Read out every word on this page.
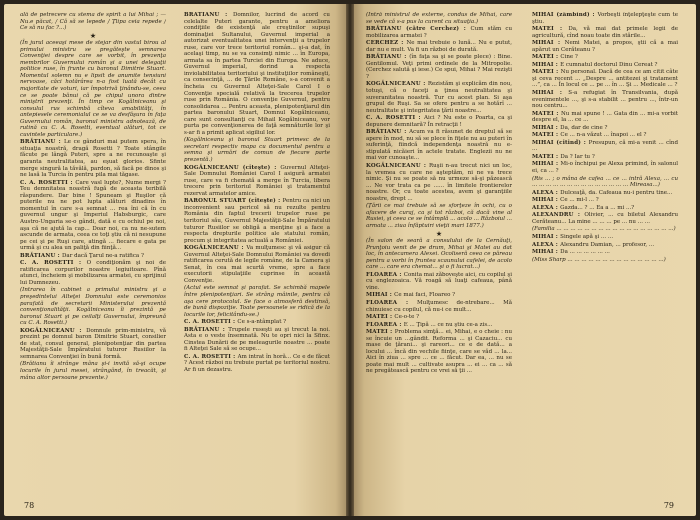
ală de petrecere cu stema de spirit a lui Mihai ; — Nu.e păcat, / Că să se lepede / Ţlipa ceia repede / Ce să nu fac ?...)

★

(În jurul aceeaşi mese de stejar din vastul birou al primului ministru se pregăteşte semnarea Convenţiei despre care se vorbit, în prezenţa membrilor Guvernului român şi a unei delegaţii politice ruse, în frunte cu baronul Dimitrie Stuart. Momentul solemn nu e lipsit de anumite tensiuni nervoase, căci hotărârea n-a fost luată decât cu majoritate de voturi, iar împotrivă ţinându-se, ceea ce se poate bănui că pe chipul unora dintre miniştrii prezenţi. În timp ce Kogălniceanu şi consulul rus schimbă cîteva amabilităţi, în antepiesele ceremonialul ce se va desfăşura în faţa Guvernului român, baronul ministru adnotează, de rutină cu C. A. Rosetti, eventual alături, tot ce cuvintele particulare.)

BRĂTIANU : Le ce gânduri mai putem spera, în situaţia noastră, dragă Rosetti ? Toate stângile făcute pe lângă Puteri, spre a ne recunoaşte şi garanta neutralitatea, au eşuat glorios. Sfinte merge singură la tăvălă, pardon, să facă pe dinos şi ne lasă la Turcia în pentru pila mai tăgase.

C. A. ROSETTI : Care vasl lupte?, Nume mergi ? Teu demnitatea noastră fugă de aceasta teribilă răspundere. Dar bine ! Spuneam şi Ruşilor că puterile nu ne pot lupta alături dinadins în momentul în care s-a semnat ... rea îni că în cu guvernul ungur şi Imperiul Habsburgic, care Austro-Ungaria se-o gândi, dată e cu ochiul pe noi, aşa că ne ajută la cap... Doar noi, ca nu ne-sutem ascunde de armata, ceea ce toţi ştiu că ni nesupune pe cei şi pe Ruşi care, atingă ... fiecare e gata pe urmă şi cu alea un paliţă din fiinţă...

BRĂTIANU : Dar dacă Ţarul ne-a ratifica ?

C. A. ROSETTI : O condiţionăm şi noi de ratificarea corpurilor noastre legiuitoare. Pînă atunci, încheiem şi mobilizarea armatei, cu sprijinul lui Dumnezeu.

(Intrarea în cabinet a primului ministru şi a preşedintelui Alteţei Domnului este ceremonios parafată de secretarii Ministerului prezentă convenţionalităţii. Kogălniceanu îi prezintă pe baronul Stuart şi pe ceilalţi Guvernului, împreună cu C. A. Rosetti.)

KOGĂLNICEANU : Domnule prim-ministru, vă prezint pe domnul baron Dimitrie Stuart, consilier de stat, consul general, plenipotenţiar din partea Majestăţii-Sale Împăratului tuturor Rusiilor la semnarea Convenţiei în bună formă.

(Brătianu îi strânge mâna şi-i invită să-şi ocupe locurile în jurul mesei, strângând, în treacăt, şi mâna altor persoane prezente.)

BRĂTIANU : Domnilor, lucrind de acord cu celelalte Puteri garante, pentru a ameliora condiţiile de existenţă ale creştinilor supuşi dominaţiei Sultanului, Guvernul imperial a autorizat eventualitatea unei intervenţii a trupelor ruse, care vor trece teritoriul român... şi-a dat, în acelaşi timp, nu se va consimţi nimic ... în Europa, armata sa în partea Turciei din Europa. Ne aduce, Guvernul imperial, dorind a respecta inviolabilitatea teritoriului şi instituţiilor româneşti, ca consecinţă, ... de Ţările Române, s-a convenit a încheia cu Guvernul Alteţei-Sale Carol I o Convenţie specială relativă la trecerea trupelor ruse prin România. O convenţie Guvernul, pentru consolidarea ... Pentru aceasta, plenipotenţiarul din partea baronului Stuart, Domnul Kogălniceanu, care sunt consultanţi cu Mihail Kogălniceanu, vor purta pe convenţionerea de faţă semnăturile lor şi s-ar fi a primit aplicat sigiliul lor.

(Kogălniceanu şi baronul Stuart primesc de la secretari respectiv mapa cu documentul pentru a semna şi urmări de comun de fiecare parte prezentă.)

KOGĂLNICEANU (citeşte) : Guvernul Alteţei-Sale Domnului României Carol I asigură armatei ruse, care va fi chemată a merge în Turcia, libera trecere prin teritoriul României şi tratamentul rezervat armatelor amice.

BARONUL STUART (citeşte) : Pentru ca nici un inconvenient sau pericol să nu rezulte pentru România din faptul trecerii trupelor ruse pe teritoriul său, Guvernul Majestăţii-Sale Împăratului tuturor Rusiilor se obligă a menţine şi a face a respecta drepturile politice ale statului român, precum şi integritatea actuală a României.

KOGĂLNICEANU : Va mulţumesc şi vă asigur că Guvernul Alteţei-Sale Domnului României va dovedi ratificarea cerută de legile române, de la Camera şi Senat, în cea mai scurtă vreme, spre a face executorii stipulaţiile cuprinse în această Convenţie.

(Actul este semnat şi parafat. Se schimbă mapele între plenipotenţiari. Se strâng mâinile, pentru că aşa cere protocolul. Se face o atmosferă destinsă, de bună dispoziţie. Toate persoanele se ridică de la locurile lor, felicitându-se.)

C. A. ROSETTI : Ce s-a-ntâmplat ?

BRĂTIANU : Trupele ruseşti au şi trecut la noi. Asta e o veste însemnată. Nu te opri nici la Sfinx. Cinstea Dunării de pe meleagurile noastre ... poate fi Alteţei Sale să se ocupe...

C. A. ROSETTI : Am intrat în horă... Ce e de făcut ? Acest război nu trebuie purtat pe teritoriul nostru. Ar fi un dezastru.

78

(Intră ministrul de externe, condus de Mihai, care se vede că s-a pus la curent cu situaţia.)

BRĂTIANU (către Cerchez) : Cum stăm cu mobilizarea armatei ?

CERCHEZ : Ne mai trebuie o lună... Nu e putut, dar nu e mult. Va fi un război de durată.

BRĂTIANU : (în faţa sa şi se poate plece) : Bine. Gentilomul. Veţi primi ordinele de la Mitropolie. (Cerchez salută şi iese.) Ce spui, Mihai ? Mai rezişti ?

KOGĂLNICEANU : Rezistăm şi explicăm din nou, totuşi, că o faceţi a ţinea neutralitatea şi suveranitatea noastră. Tur cu acest plan. Si aşa grupul de Ruşi. Sa se ofere pentru a se hotărî ... neutralitate şi integritatea ţării noastre...

C. A. ROSETTI : Aici ? Nu este o Poarta, ca şi depunere demnitară? În retracţii !

BRĂTIANU : Acum va fi răsunet de dreptul să se apere în mod, nu să se plece în fiţele nu au puteri în suferinţă, fiindcă independenţa noastră nu e-stipulată nicăieri în actele tratate. Englezii nu ne mai vor cunoaşte...

KOGĂLNICEANU : Ruşii n-au trecut nici un loc, la vremea cu care ne aşteptăm, ni ne va trece nimic. Şi nu se poate să nu urmeze să-şi păzească ... Ne vor trata ca pe ...... în limitele frontierelor noastre. Or, cu toate acestea, avem şi garanţiile noastre, drept ...

(Ţării ce mai trebuie să se sforţeze în ochi, cu o afacere de curaj, ca şi tot război, că dacă vine al Rusiei, şi ceea ce se întâmplă ... acolo ... Războiul ... armata ... ziua înfăptuiri vieţii mari 1877.)

★

(În salon de seară a consulului de la Cernăuţi, Prunţoiu venit de pe drum, Mihai şi Matei au dat loc, în antecamera Alexei. Ocoliseră ceea ce păreau pentru a vorbi în fruntea scaunului cafelei, de acolo care ... care era chemat... şi o fi lucrat...)

FLOAREA : Conita mai zăboveşte aici, cu copilul şi cu englezoaica. Vă roagă să luaţi cafeaua, până vine.

MIHAI : Ce mai faci, Floareo ?

FLOAREA : Mulţumesc de-ntrebare... Mă chinuiesc cu copilul, că nu-i ce mult...

MATEI : Ce-o-te ?

FLOAREA : E ... Ţipă ... ce nu ştiu ce-a zis...

MATEI : Problema simţă... ei, Mihai, e o cheie : nu se încuie un ...gândit. Reforma ... şi Cazaciu... cu mase de ţărani... şi rareori... ce e de dată... a locului ... încă din vechile fiinţe, care se văd ... la... Aici în ziua ... spre ... ce ... făcut. Dar ea, ... nu se poate mai mult ... cultivate asupra ... ei ... ca ... să ne pregătească pentru ce vrei să ţii ...

MIHAI (zâmbind) : Vorbeşti înţelepţeşte cum te ştiu.

MATEI : Da, vă mai dat primele legii de agricultură, cînd noau toate din stările...

MIHAI : Nemi Matei, a propos, ştii că a mai apărut un Cerăteanu ?

MATEI : Cine ?

MIHAI : E cumnatul doctorul Dinu Cereat ?

MATEI : Nu personal. Dacă de cea ce am citit câte şi ceva recent ... „Despre ... antitezei şi tratament ...”, ca ... În locul ce ... pe ... în ... Şi ... Medicale ... ?

MIHAI : S-a refugiat în Transilvania, după evenimentele ..., şi s-a stabilit ... pentru ..., într-un nou centru...

MATEI : Nu mai spune ! ... Gata din ... mi-a vorbit despre el, la ... ce ...

MIHAI : Da, dar de cine ?

MATEI : Ce ... n-a văzut ... înapoi ... el ?

MIHAI (citind) : Presupun, că mi-a venit ... cînd ...

MATEI : Da ? Iar tu ?

MIHAI : Mi-o închipui pe Alexa primind, în salonul ei, ca ... ?

(Ris ... ; o mâna de cafea ... ce ... intră Alexa, ... cu ... ... ... ... ... ... ... ... ... ... ... ... ... ... Mireasa...)

ALEXA : Dulceaţă, da. Cafeaua nu-i pentru tine...

MIHAI : Ce ... mi-l ... ?

ALEXA : Gazda... ? ... Ea a ... mi ...?

ALEXANDRU : Olivier, ... cu biletul Alexandru Cerăteanu... La mine ... ... ... pe ... nu ... ...

(Familia ... ... ... ... ... ... ... ... ... ... ... ... ... ... ... ... ...)

MIHAI : Singele apă şi ... ...

ALEXA : Alexandru Damian, ... profesor, ...

MIHAI : Da ... ... ... ... ... ...

(Miss Sharp ... ... ... ... ... ... ... ... ... ... ... ... ... ...)

79
